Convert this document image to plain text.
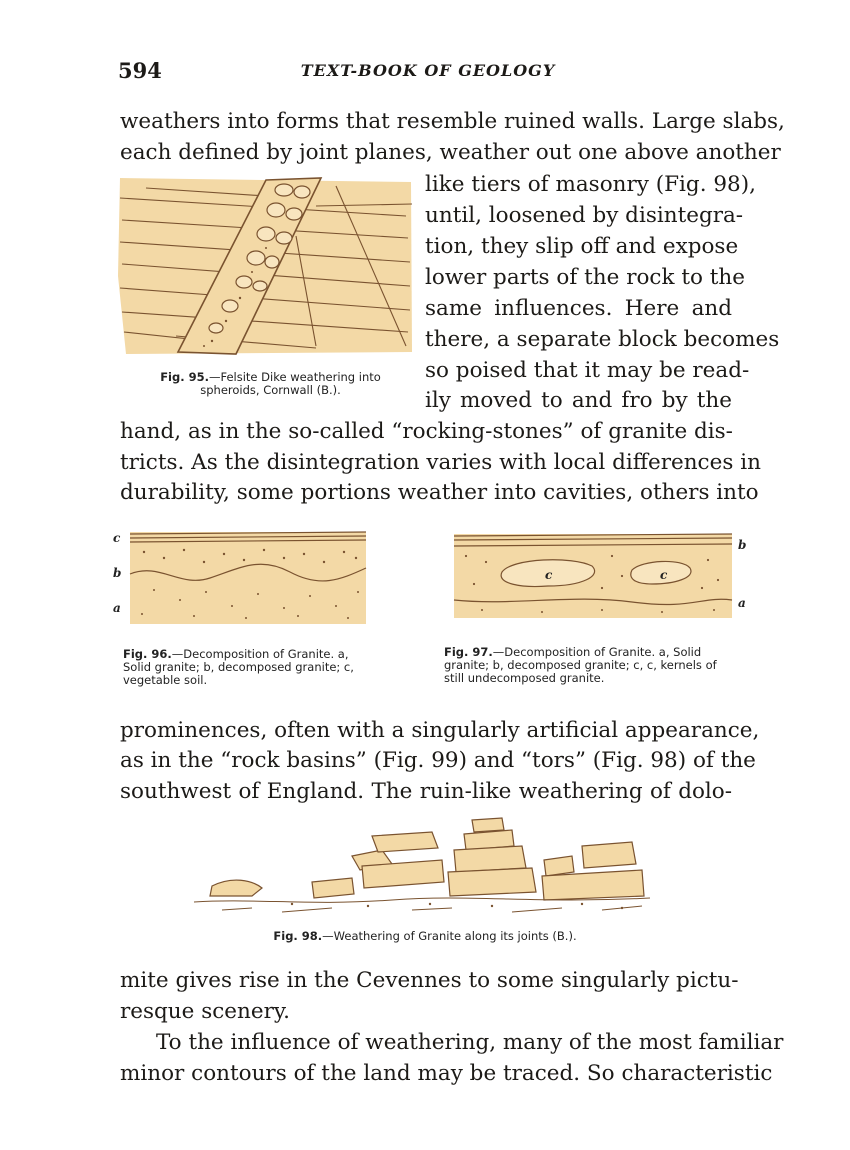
594	TEXT-BOOK OF GEOLOGY
weathers into forms that resemble ruined walls. Large slabs,
each defined by joint planes, weather out one above another
Fig. 95.—Felsite Dike weathering into
spheroids, Cornwall (B.).
like tiers of masonry (Fig. 98),
until, loosened by disintegra-
tion, they slip off and expose
lower parts of the rock to the
same influences. Here and
there, a separate block becomes
so poised that it may be read-
ily moved to and fro by the
hand, as in the so-called “rocking-stones” of granite dis-
tricts. As the disintegration varies with local differences in
durability, some portions weather into cavities, others into
c
b
a
Fig. 96.—Decomposition of Granite. a, Solid granite; b, decomposed granite; c, vegetable soil.
c	c
b
a
Fig. 97.—Decomposition of Granite. a, Solid granite; b, decomposed granite; c, c, kernels of still undecomposed granite.
prominences, often with a singularly artificial appearance,
as in the “rock basins” (Fig. 99) and “tors” (Fig. 98) of the
southwest of England. The ruin-like weathering of dolo-
Fig. 98.—Weathering of Granite along its joints (B.).
mite gives rise in the Cevennes to some singularly pictu-
resque scenery.
To the influence of weathering, many of the most familiar
minor contours of the land may be traced. So characteristic
